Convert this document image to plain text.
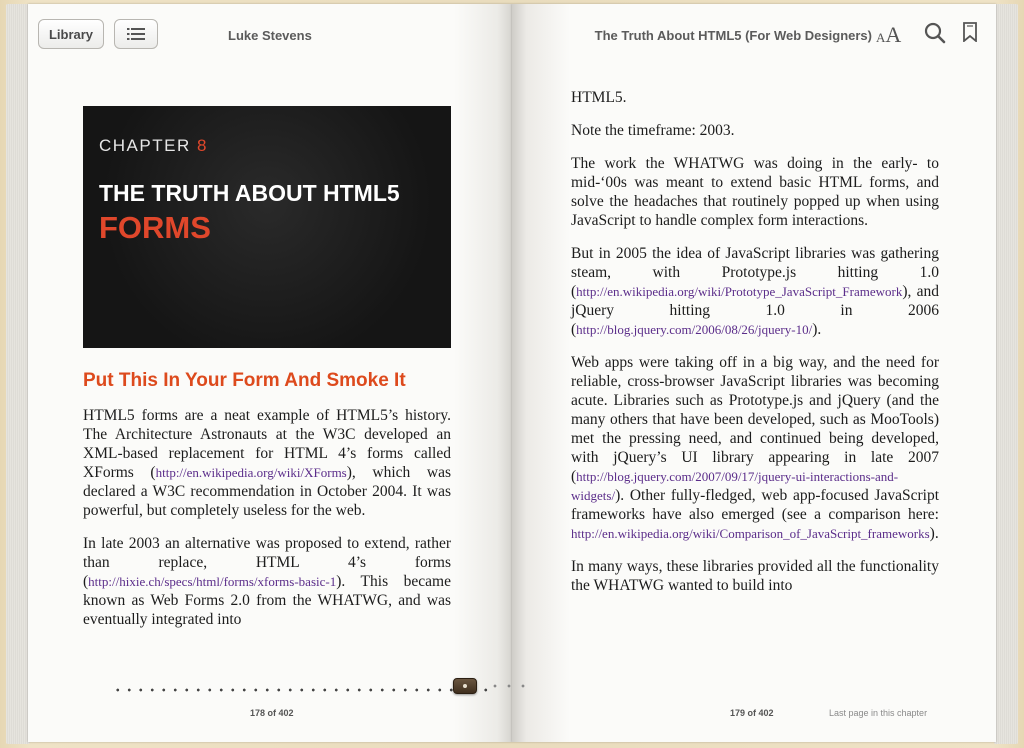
Library	Luke Stevens
CHAPTER 8
THE TRUTH ABOUT HTML5
FORMS
Put This In Your Form And Smoke It

HTML5 forms are a neat example of HTML5’s history. The Architecture Astronauts at the W3C developed an XML-based replacement for HTML 4’s forms called XForms (http://en.wikipedia.org/wiki/XForms), which was declared a W3C recommendation in October 2004. It was powerful, but completely useless for the web.

In late 2003 an alternative was proposed to extend, rather than replace, HTML 4’s forms (http://hixie.ch/specs/html/forms/xforms-basic-1). This became known as Web Forms 2.0 from the WHATWG, and was eventually integrated into

178 of 402
The Truth About HTML5 (For Web Designers) AA

HTML5.

Note the timeframe: 2003.

The work the WHATWG was doing in the early- to mid-‘00s was meant to extend basic HTML forms, and solve the headaches that routinely popped up when using JavaScript to handle complex form interactions.

But in 2005 the idea of JavaScript libraries was gathering steam, with Prototype.js hitting 1.0 (http://en.wikipedia.org/wiki/Prototype_JavaScript_Framework), and jQuery hitting 1.0 in 2006 (http://blog.jquery.com/2006/08/26/jquery-10/).

Web apps were taking off in a big way, and the need for reliable, cross-browser JavaScript libraries was becoming acute. Libraries such as Prototype.js and jQuery (and the many others that have been developed, such as MooTools) met the pressing need, and continued being developed, with jQuery’s UI library appearing in late 2007 (http://blog.jquery.com/2007/09/17/jquery-ui-interactions-and-widgets/). Other fully-fledged, web app-focused JavaScript frameworks have also emerged (see a comparison here: http://en.wikipedia.org/wiki/Comparison_of_JavaScript_frameworks).

In many ways, these libraries provided all the functionality the WHATWG wanted to build into

179 of 402	Last page in this chapter
